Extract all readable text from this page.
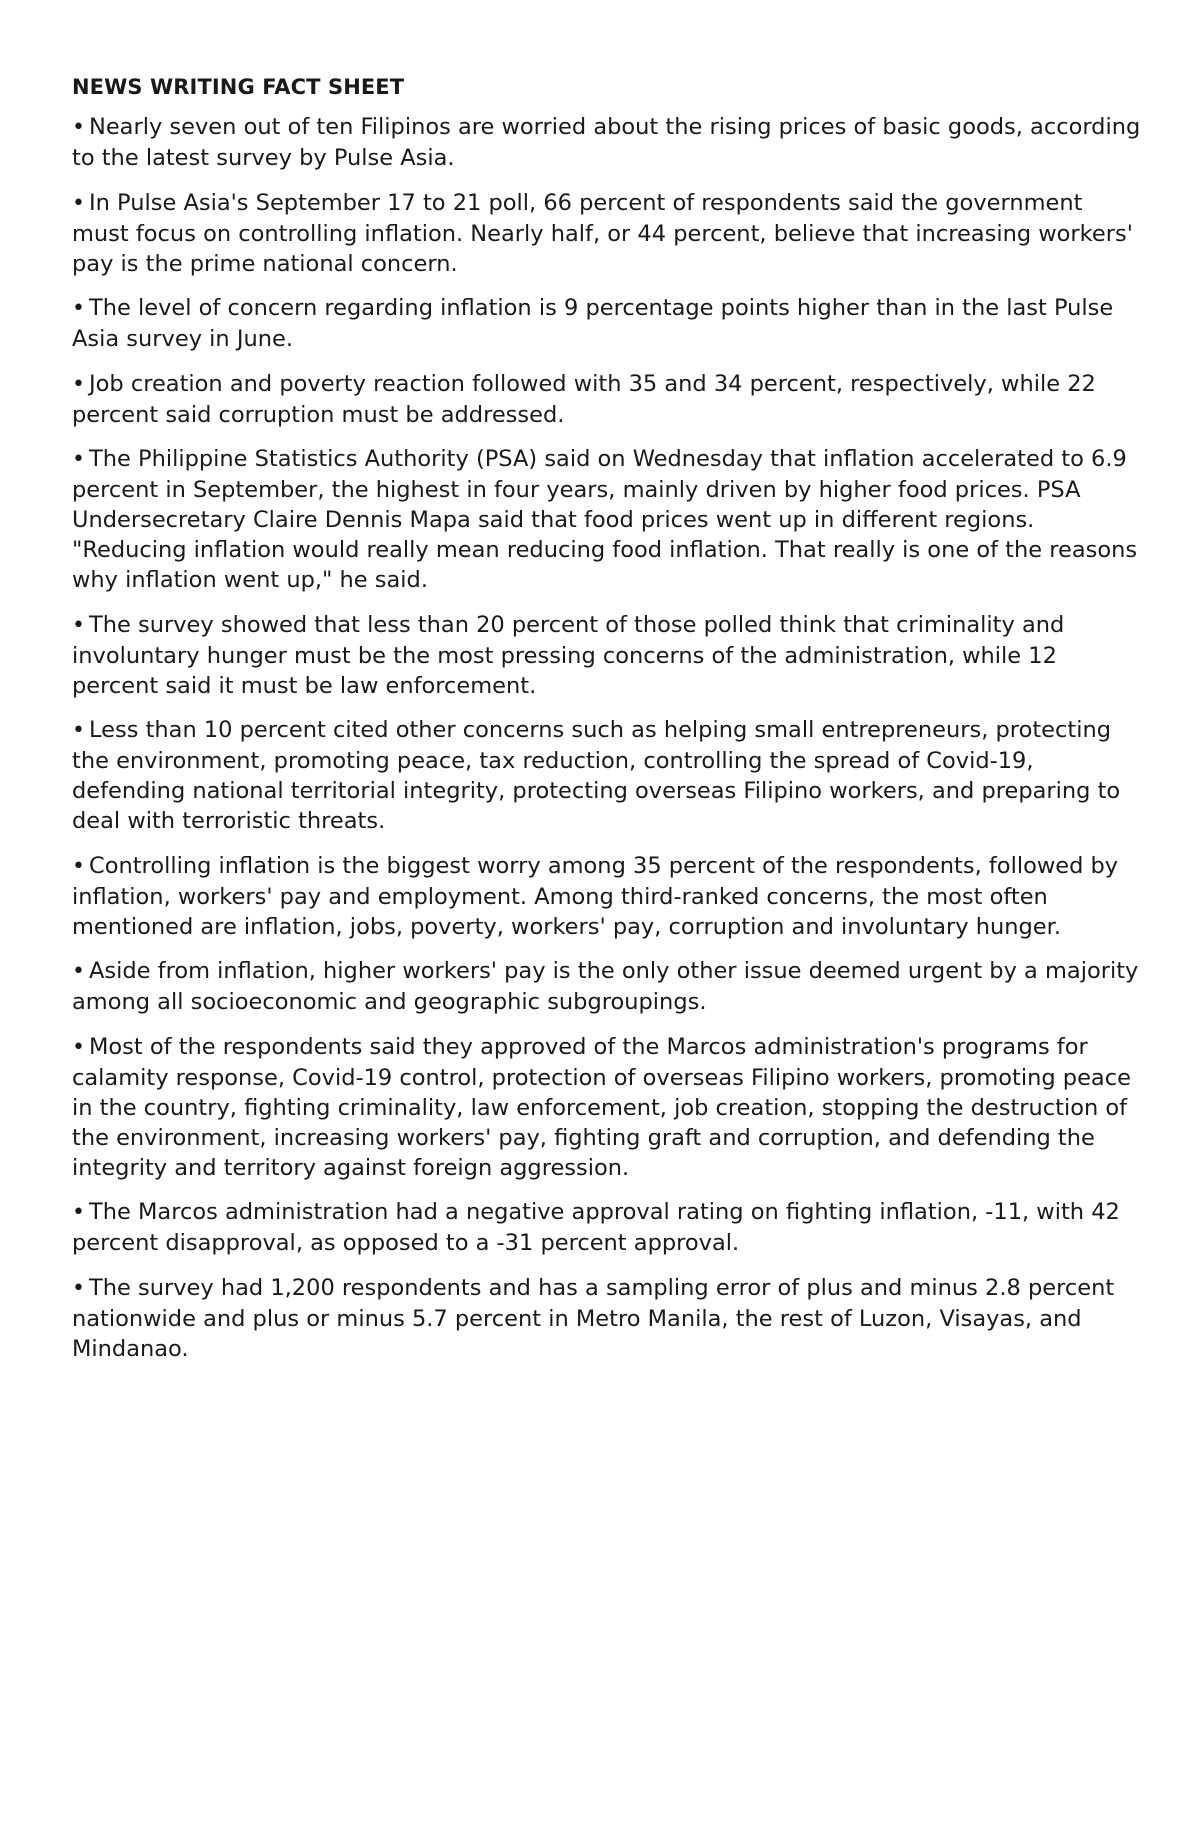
NEWS WRITING FACT SHEET
• Nearly seven out of ten Filipinos are worried about the rising prices of basic goods, according to the latest survey by Pulse Asia.
• In Pulse Asia's September 17 to 21 poll, 66 percent of respondents said the government must focus on controlling inflation. Nearly half, or 44 percent, believe that increasing workers' pay is the prime national concern.
• The level of concern regarding inflation is 9 percentage points higher than in the last Pulse Asia survey in June.
• Job creation and poverty reaction followed with 35 and 34 percent, respectively, while 22 percent said corruption must be addressed.
• The Philippine Statistics Authority (PSA) said on Wednesday that inflation accelerated to 6.9 percent in September, the highest in four years, mainly driven by higher food prices. PSA Undersecretary Claire Dennis Mapa said that food prices went up in different regions. "Reducing inflation would really mean reducing food inflation. That really is one of the reasons why inflation went up," he said.
• The survey showed that less than 20 percent of those polled think that criminality and involuntary hunger must be the most pressing concerns of the administration, while 12 percent said it must be law enforcement.
• Less than 10 percent cited other concerns such as helping small entrepreneurs, protecting the environment, promoting peace, tax reduction, controlling the spread of Covid-19, defending national territorial integrity, protecting overseas Filipino workers, and preparing to deal with terroristic threats.
• Controlling inflation is the biggest worry among 35 percent of the respondents, followed by inflation, workers' pay and employment. Among third-ranked concerns, the most often mentioned are inflation, jobs, poverty, workers' pay, corruption and involuntary hunger.
• Aside from inflation, higher workers' pay is the only other issue deemed urgent by a majority among all socioeconomic and geographic subgroupings.
• Most of the respondents said they approved of the Marcos administration's programs for calamity response, Covid-19 control, protection of overseas Filipino workers, promoting peace in the country, fighting criminality, law enforcement, job creation, stopping the destruction of the environment, increasing workers' pay, fighting graft and corruption, and defending the integrity and territory against foreign aggression.
• The Marcos administration had a negative approval rating on fighting inflation, -11, with 42 percent disapproval, as opposed to a -31 percent approval.
• The survey had 1,200 respondents and has a sampling error of plus and minus 2.8 percent nationwide and plus or minus 5.7 percent in Metro Manila, the rest of Luzon, Visayas, and Mindanao.
